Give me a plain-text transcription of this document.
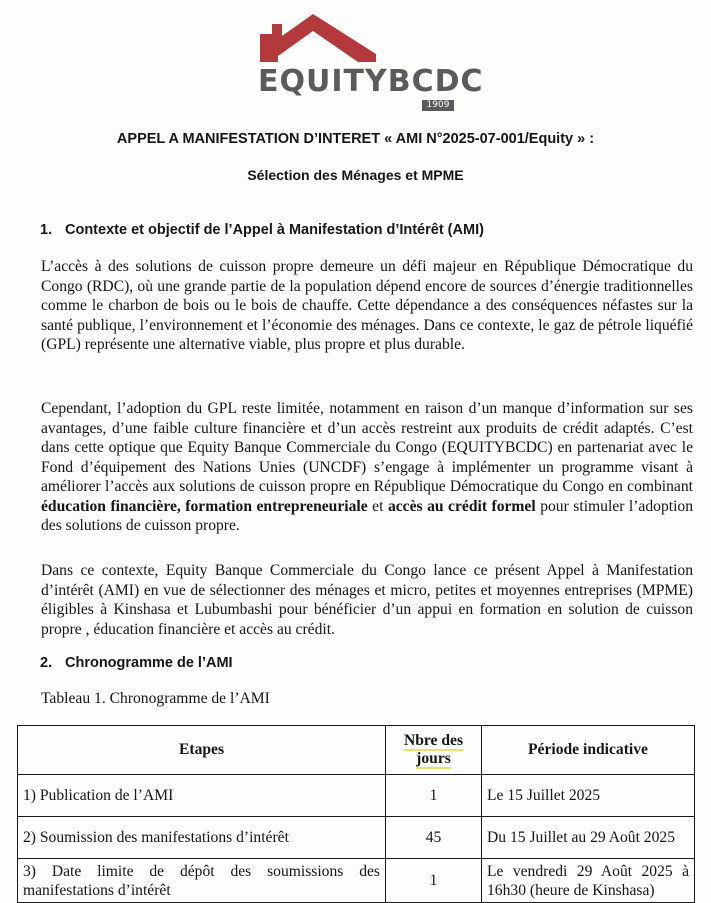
EQUITYBCDC
1909
APPEL A MANIFESTATION D’INTERET « AMI N°2025-07-001/Equity » :
Sélection des Ménages et MPME
1. Contexte et objectif de l’Appel à Manifestation d’Intérêt (AMI)

L’accès à des solutions de cuisson propre demeure un défi majeur en République Démocratique du Congo (RDC), où une grande partie de la population dépend encore de sources d’énergie traditionnelles comme le charbon de bois ou le bois de chauffe. Cette dépendance a des conséquences néfastes sur la santé publique, l’environnement et l’économie des ménages. Dans ce contexte, le gaz de pétrole liquéfié (GPL) représente une alternative viable, plus propre et plus durable.

Cependant, l’adoption du GPL reste limitée, notamment en raison d’un manque d’information sur ses avantages, d’une faible culture financière et d’un accès restreint aux produits de crédit adaptés. C’est dans cette optique que Equity Banque Commerciale du Congo (EQUITYBCDC) en partenariat avec le Fond d’équipement des Nations Unies (UNCDF) s’engage à implémenter un programme visant à améliorer l’accès aux solutions de cuisson propre en République Démocratique du Congo en combinant éducation financière, formation entrepreneuriale et accès au crédit formel pour stimuler l’adoption des solutions de cuisson propre.

Dans ce contexte, Equity Banque Commerciale du Congo lance ce présent Appel à Manifestation d’intérêt (AMI) en vue de sélectionner des ménages et micro, petites et moyennes entreprises (MPME) éligibles à Kinshasa et Lubumbashi pour bénéficier d’un appui en formation en solution de cuisson propre , éducation financière et accès au crédit.

2. Chronogramme de l’AMI
Tableau 1. Chronogramme de l’AMI
Etapes	Nbre des jours	Période indicative
1) Publication de l’AMI	1	Le 15 Juillet 2025
2) Soumission des manifestations d’intérêt	45	Du 15 Juillet au 29 Août 2025
3) Date limite de dépôt des soumissions des manifestations d’intérêt	1	Le vendredi 29 Août 2025 à 16h30 (heure de Kinshasa)
